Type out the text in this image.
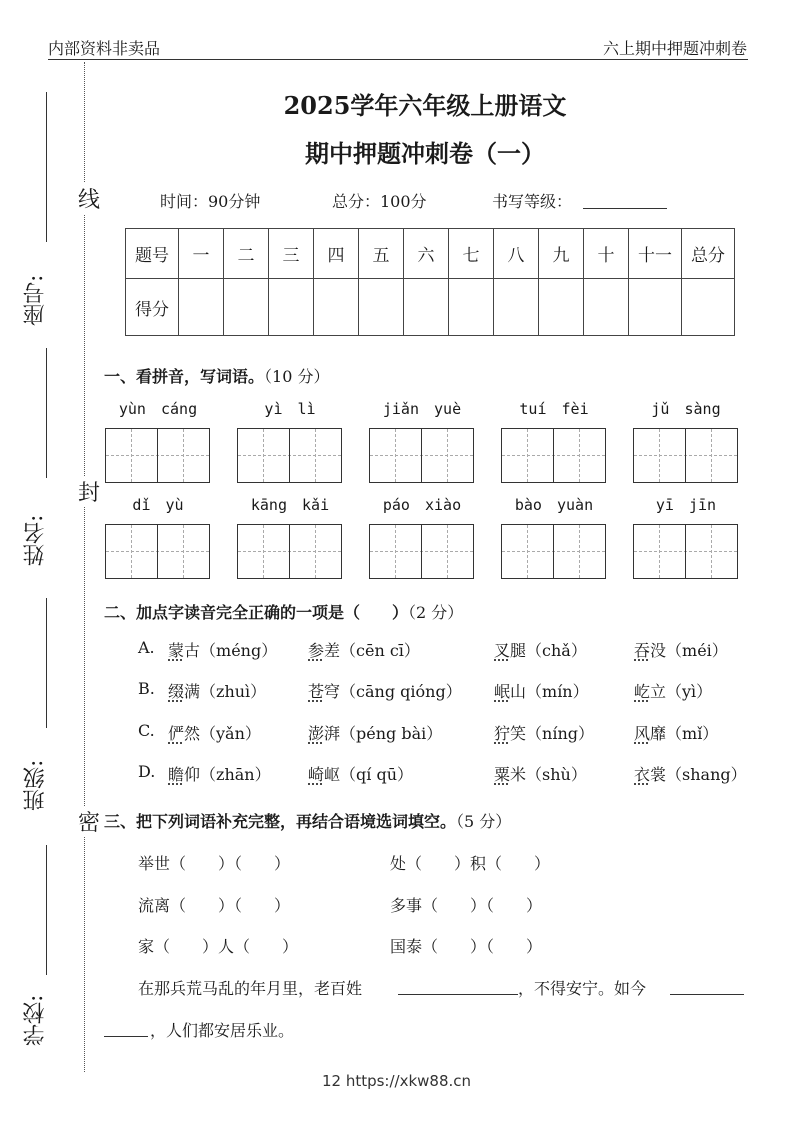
内部资料非卖品	六上期中押题冲刺卷
座号:
姓名:
班级:
学校:
线
封
密
2025学年六年级上册语文
期中押题冲刺卷（一）
时间：90分钟	总分：100分	书写等级：
题号	一	二	三	四	五	六	七	八	九	十	十一	总分
得分												
一、看拼音，写词语。（10 分）
yùn cáng	yì lì	jiǎn yuè	tuí fèi	jǔ sàng
dǐ yù	kāng kǎi	páo xiào	bào yuàn	yī jīn
二、加点字读音完全正确的一项是（　　）（2 分）
A. 蒙古（méng） 参差（cēn cī）	叉腿（chǎ）	吞没（méi）
B. 缀满（zhuì）	苍穹（cāng qióng） 岷山（mín）	屹立（yì）
C. 俨然（yǎn）	澎湃（péng bài）	狞笑（níng）	风靡（mǐ）
D. 瞻仰（zhān） 崎岖（qí qū）	粟米（shù）	衣裳（shang）
三、把下列词语补充完整，再结合语境选词填空。（5 分）
举世（　　）（　　）	处（　　）积（　　）
流离（　　）（　　）	多事（　　）（　　）
家（　　）人（　　）	国泰（　　）（　　）
在那兵荒马乱的年月里，老百姓	，不得安宁。如今
，人们都安居乐业。
12 https://xkw88.cn
